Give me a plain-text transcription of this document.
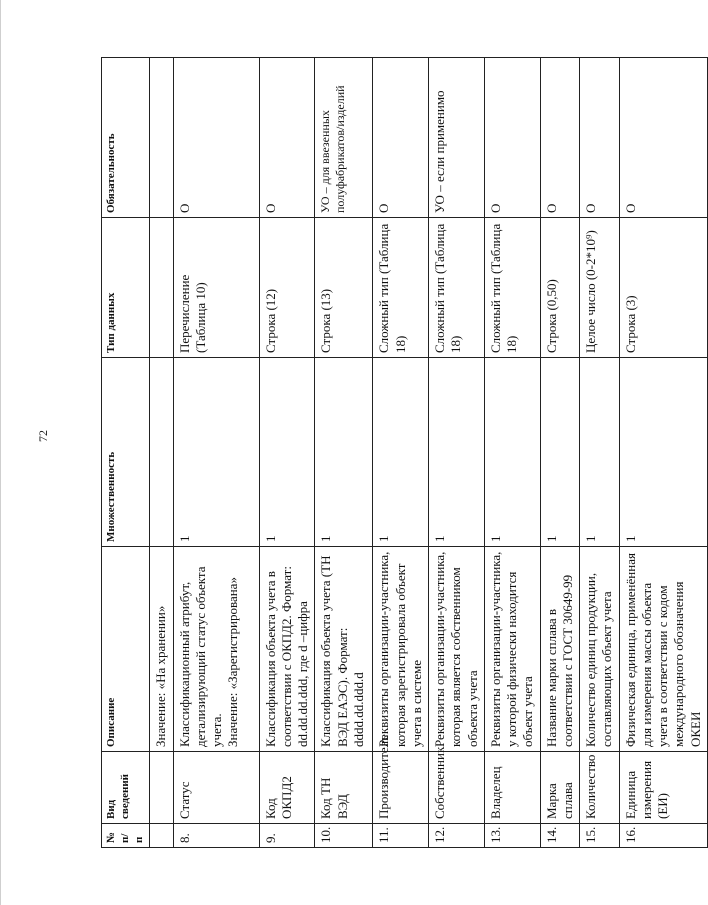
72
№ п/п	Вид сведений	Описание	Множественность	Тип данных	Обязательность
		Значение: «На хранении»			
8.	Статус	Классификационный атрибут, детализирующий статус объекта учета. Значение: «Зарегистрирована»	1	Перечисление (Таблица 10)	О
9.	Код ОКПД2	Классификация объекта учета в соответствии с ОКПД2. Формат: dd.dd.dd.ddd, где d –цифра	1	Строка (12)	О
10.	Код ТН ВЭД	Классификация объекта учета (ТН ВЭД ЕАЭС). Формат: dddd.dd.ddd.d	1	Строка (13)	УО – для ввезенных полуфабрикатов/изделий
11.	Производитель	Реквизиты организации-участника, которая зарегистрировала объект учета в системе	1	Сложный тип (Таблица 18)	О
12.	Собственник	Реквизиты организации-участника, которая является собственником объекта учета	1	Сложный тип (Таблица 18)	УО – если применимо
13.	Владелец	Реквизиты организации-участника, у которой физически находится объект учета	1	Сложный тип (Таблица 18)	О
14.	Марка сплава	Название марки сплава в соответствии с ГОСТ 30649-99	1	Строка (0,50)	О
15.	Количество	Количество единиц продукции, составляющих объект учета	1	Целое число (0-2*10⁹)	О
16.	Единица измерения (ЕИ)	Физическая единица, применённая для измерения массы объекта учета в соответствии с кодом международного обозначения ОКЕИ	1	Строка (3)	О
